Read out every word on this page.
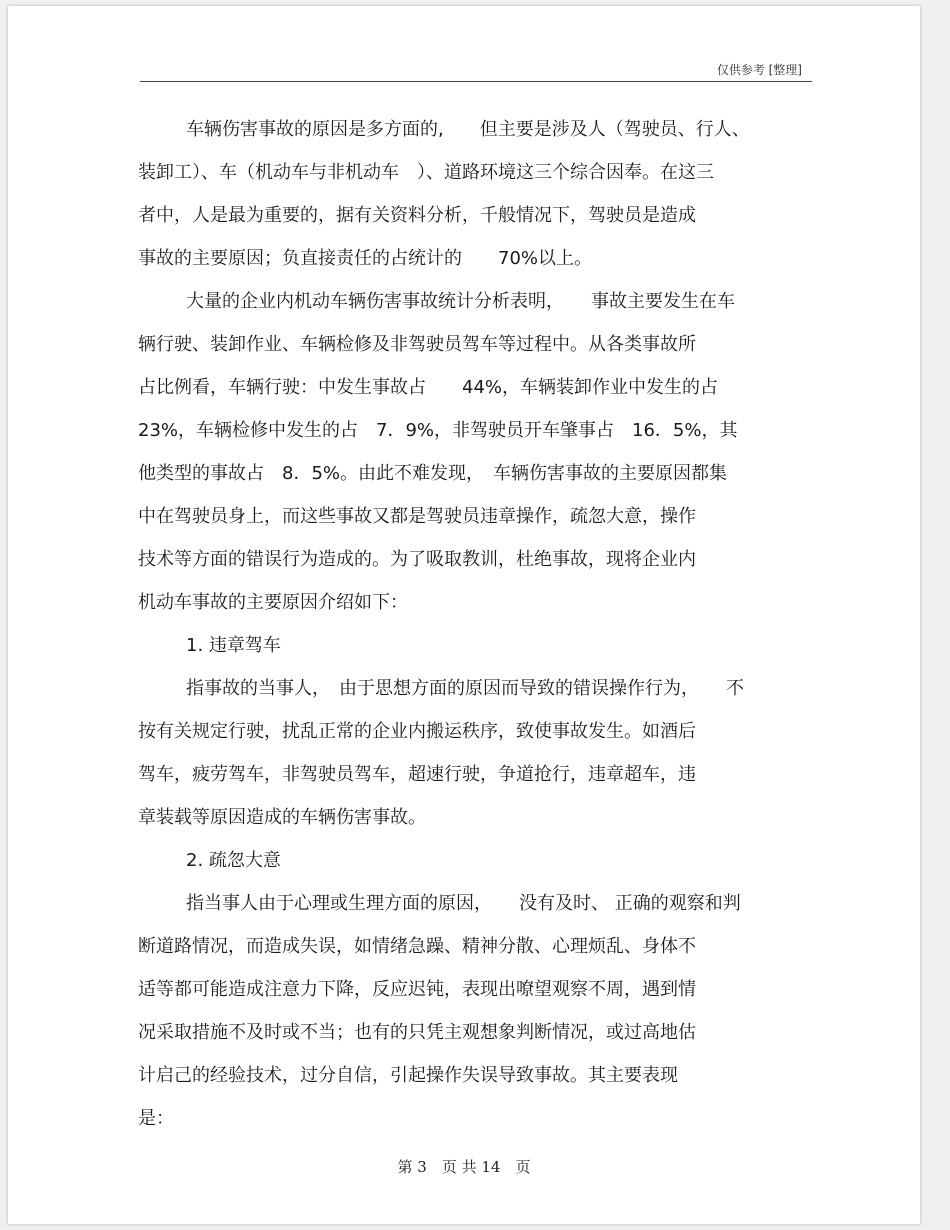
仅供参考 [整理]
车辆伤害事故的原因是多方面的,　　但主要是涉及人（驾驶员、行人、
装卸工）、车（机动车与非机动车　）、道路环境这三个综合因奉。在这三
者中，人是最为重要的，据有关资料分析，千般情况下，驾驶员是造成
事故的主要原因；负直接责任的占统计的　　70%以上。
大量的企业内机动车辆伤害事故统计分析表明，　　事故主要发生在车
辆行驶、装卸作业、车辆检修及非驾驶员驾车等过程中。从各类事故所
占比例看，车辆行驶：中发生事故占　　44%，车辆装卸作业中发生的占
23%，车辆检修中发生的占　7．9%，非驾驶员开车肇事占　16．5%，其
他类型的事故占　8．5%。由此不难发现，　车辆伤害事故的主要原因都集
中在驾驶员身上，而这些事故又都是驾驶员违章操作，疏忽大意，操作
技术等方面的错误行为造成的。为了吸取教训，杜绝事故，现将企业内
机动车事故的主要原因介绍如下：
1. 违章驾车
指事故的当事人，　由于思想方面的原因而导致的错误操作行为，　　不
按有关规定行驶，扰乱正常的企业内搬运秩序，致使事故发生。如酒后
驾车，疲劳驾车，非驾驶员驾车，超速行驶，争道抢行，违章超车，违
章装载等原因造成的车辆伤害事故。
2. 疏忽大意
指当事人由于心理或生理方面的原因，　　没有及时、 正确的观察和判
断道路情况，而造成失误，如情绪急躁、精神分散、心理烦乱、身体不
适等都可能造成注意力下降，反应迟钝，表现出嘹望观察不周，遇到情
况采取措施不及时或不当；也有的只凭主观想象判断情况，或过高地估
计启己的经验技术，过分自信，引起操作失误导致事故。其主要表现
是：
第 3　页 共 14　页
